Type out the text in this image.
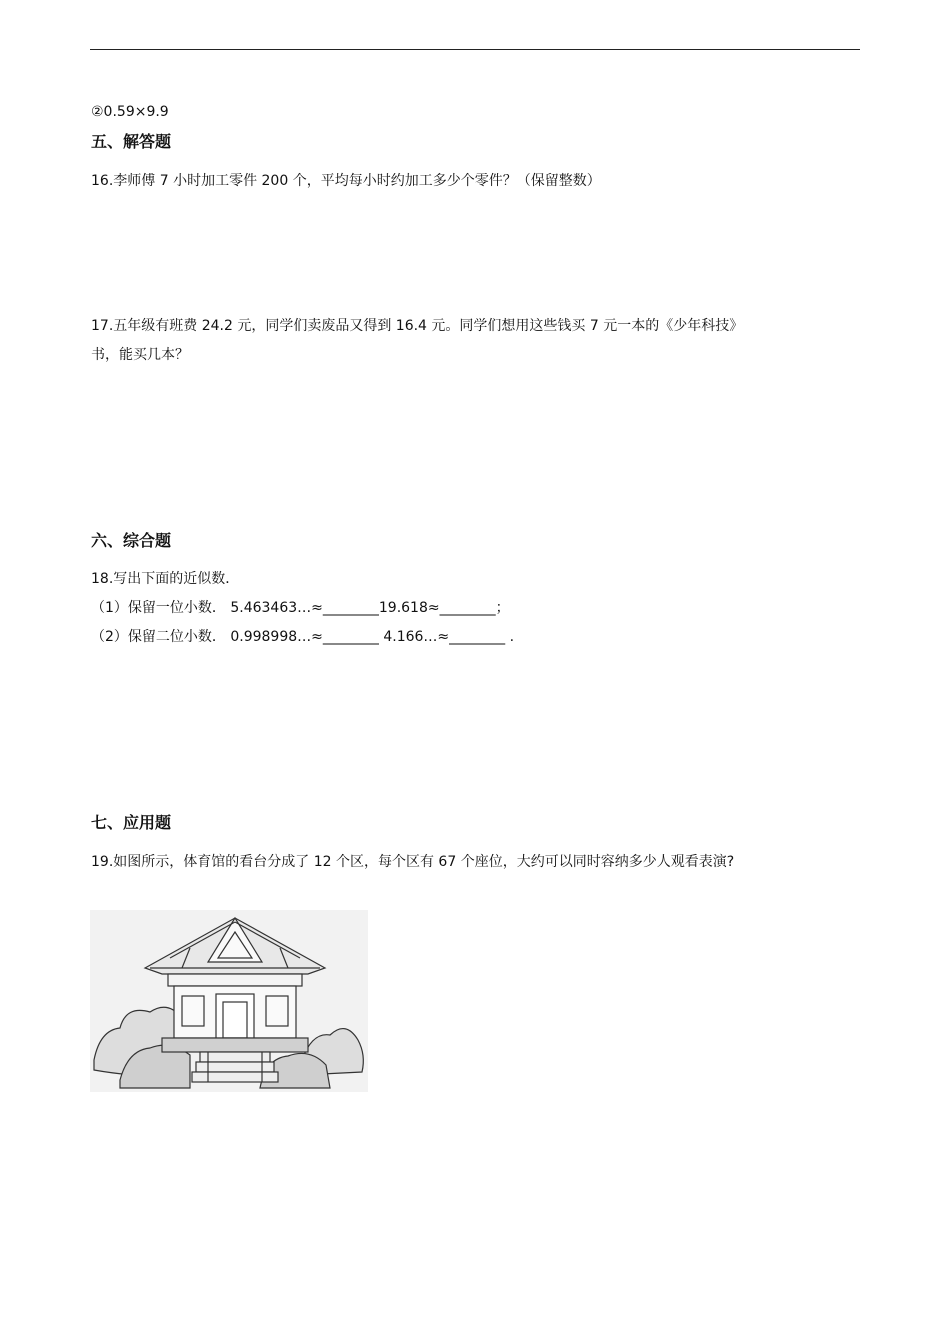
②0.59×9.9
五、解答题
16.李师傅 7 小时加工零件 200 个，平均每小时约加工多少个零件？（保留整数）
17.五年级有班费 24.2 元，同学们卖废品又得到 16.4 元。同学们想用这些钱买 7 元一本的《少年科技》
书，能买几本？
六、综合题
18.写出下面的近似数．
（1）保留一位小数． 5.463463…≈________19.618≈________；
（2）保留二位小数． 0.998998…≈________ 4.166…≈________ .
七、应用题
19.如图所示，体育馆的看台分成了 12 个区，每个区有 67 个座位，大约可以同时容纳多少人观看表演?
